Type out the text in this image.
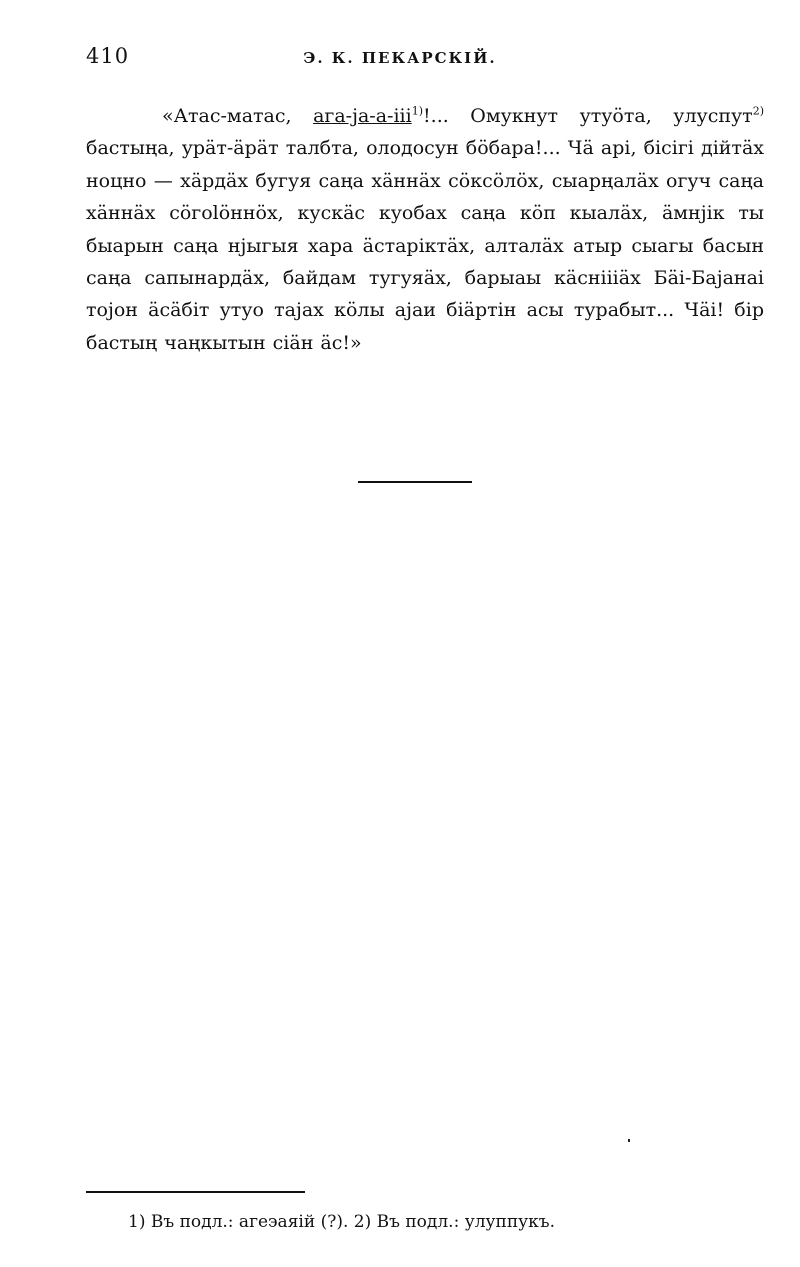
410	Э. К. ПЕКАРСКІЙ.

«Атас-матас, ага-ja-a-ііі$^{1)}$!... Омукнут утуöта, улуспут$^{2)}$ бастыңа, урäт-äрäт талбта, олодосун бöбара!... Чä арі, бісігі дійтäх ноцно — хäрдäх бугуя саңа хäннäх сöксöлöх, сыарңалäх огуч саңа хäннäх сöгоlöннöх, кускäс куобах саңа кöп кыалäх, äмнjiк ты быарын саңа нjыгыя хара äстарiктäх, алталäх атыр сыагы басын саңа сапынардäх, байдам тугуяäх, барыаы кäснiiiäх Бäі-Бajанаі тоjон äсäбiт утуо тajах кöлы ajаи бiäртiн асы турабыт... Чäі! бiр бастың чаңкытын сiäн äс!»

1) Въ подл.: агеэаяій (?). 2) Въ подл.: улуппукъ.
